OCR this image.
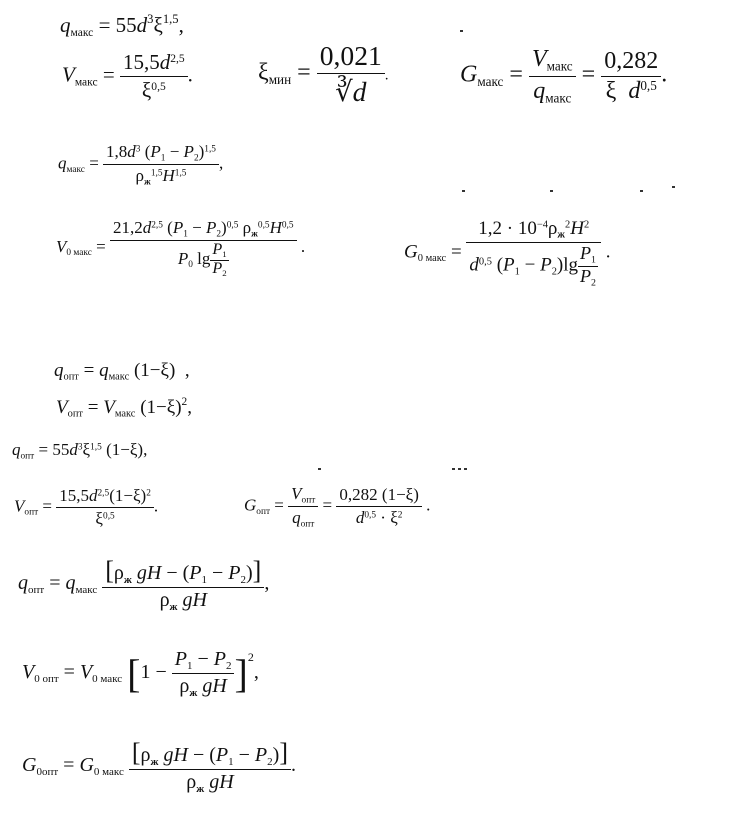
$q_{макс} = 55d^3\xi^{1,5}$,
$V_{макс} = \frac{15,5d^{2,5}}{\xi^{0,5}}$ .	$\xi_{мин} = \frac{0,021}{∛d}$ .	$G_{макс} = \frac{V_{макс}}{q_{макс}} = \frac{0,282}{\xi d^{0,5}}$ .
$q_{макс} = \frac{1,8d^3 (P_1 - P_2)^{1,5}}{\rho_ж^{1,5}H^{1,5}}$ ,
$V_{0 макс} = \frac{21,2d^{2,5} (P_1 - P_2)^{0,5} \rho_ж^{0,5}H^{0,5}}{P_0 \lg \frac{P_1}{P_2}}$ .	$G_{0 макс} = \frac{1,2 \cdot 10^{-4}\rho_ж^2H^2}{d^{0,5} (P_1 - P_2)\lg \frac{P_1}{P_2}}$ .
$q_{опт} = q_{макс}$ (1−ξ) ,
$V_{опт} = V_{макс}$ $(1-\xi)^2$,
$q_{опт} = 55d^3\xi^{1,5}$ (1−ξ),
$V_{опт} = \frac{15,5d^{2,5}(1-\xi)^2}{\xi^{0,5}}$ .	$G_{опт} = \frac{V_{опт}}{q_{опт}} = \frac{0,282 (1-\xi)}{d^{0,5} \cdot \xi^2}$ .
$q_{опт} = q_{макс} \frac{[\rho_ж gH - (P_1 - P_2)]}{\rho_ж gH}$ ,
$V_{0 опт} = V_{0 макс}$ $[1 - \frac{P_1 - P_2}{\rho_ж gH} ]^2$,
$G_{0опт} = G_{0 макс} \frac{[\rho_ж gH - (P_1 - P_2)]}{\rho_ж gH}$ .
